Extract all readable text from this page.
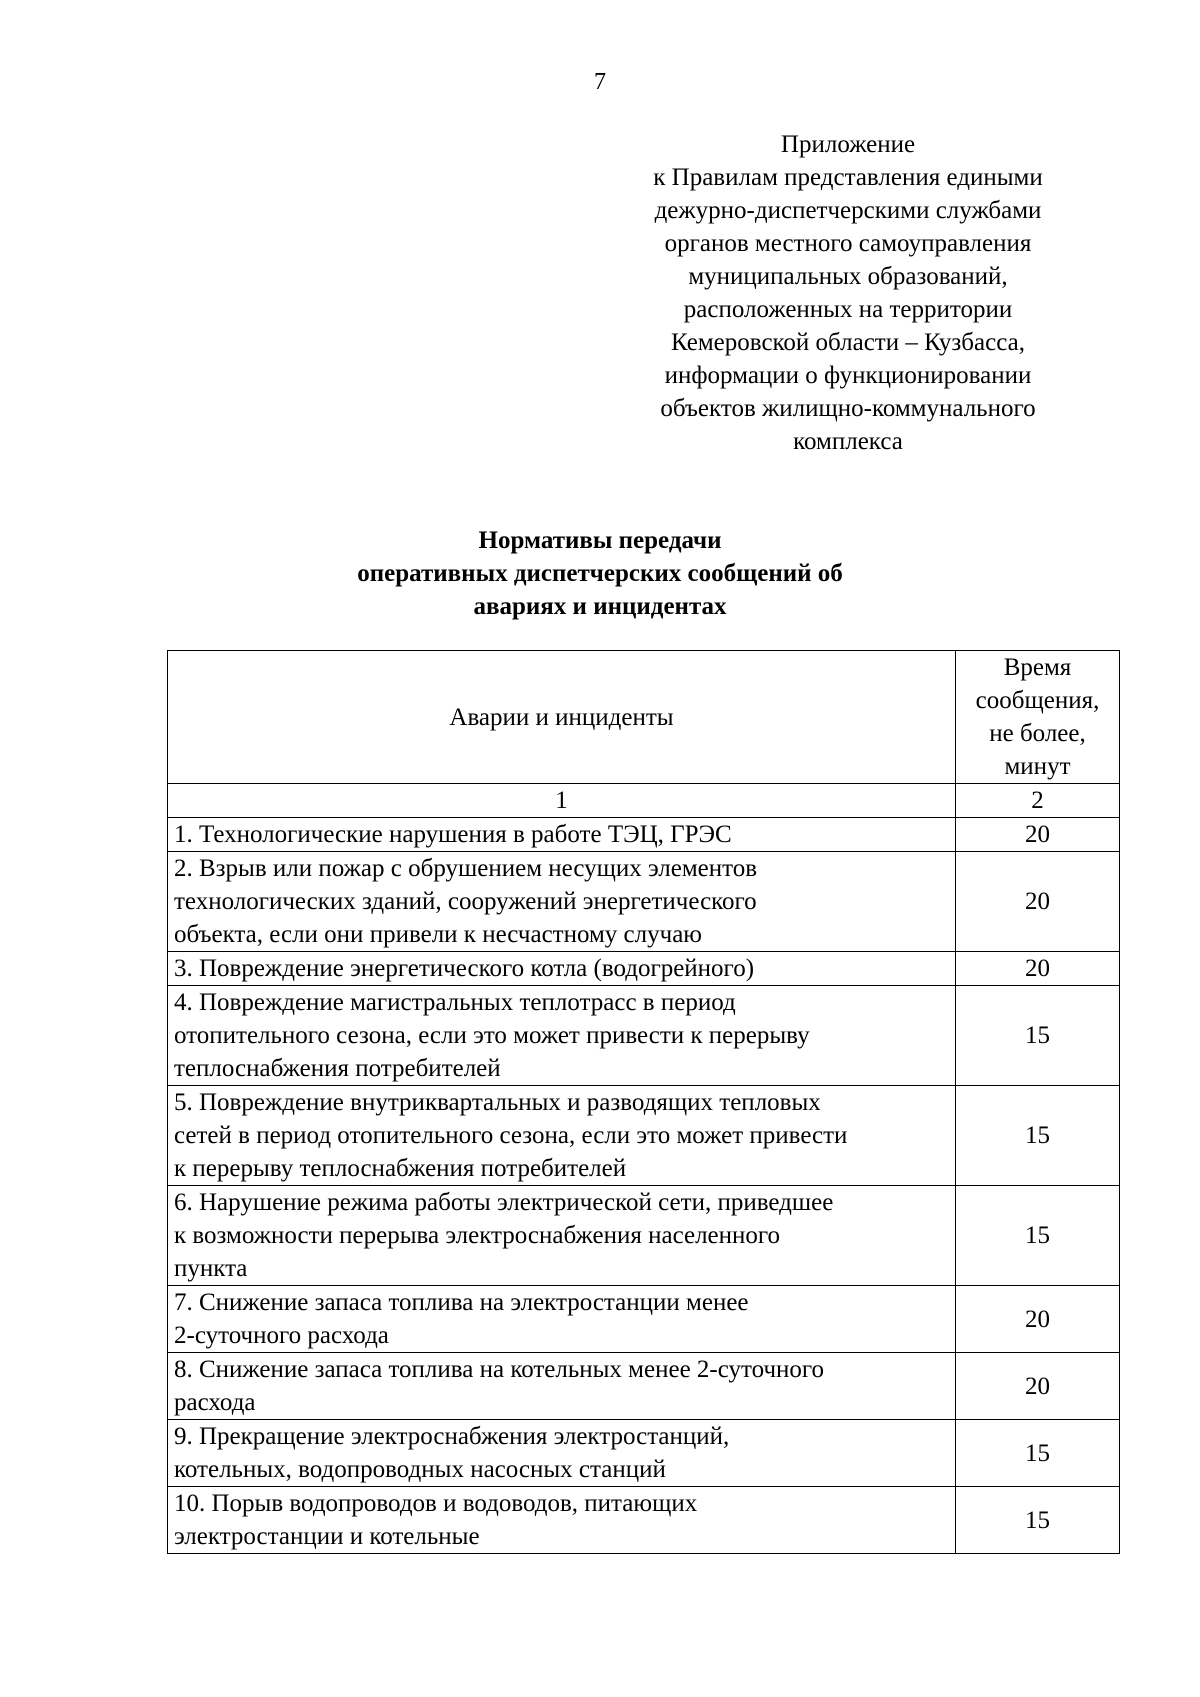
7
Приложение
к Правилам представления едиными
дежурно-диспетчерскими службами
органов местного самоуправления
муниципальных образований,
расположенных на территории
Кемеровской области – Кузбасса,
информации о функционировании
объектов жилищно-коммунального
комплекса
Нормативы передачи
оперативных диспетчерских сообщений об
авариях и инцидентах
Аварии и инциденты	Время
сообщения,
не более,
минут

1	2

1. Технологические нарушения в работе ТЭЦ, ГРЭС	20

2. Взрыв или пожар с обрушением несущих элементов
технологических зданий, сооружений энергетического
объекта, если они привели к несчастному случаю	20

3. Повреждение энергетического котла (водогрейного)	20

4. Повреждение магистральных теплотрасс в период
отопительного сезона, если это может привести к перерыву
теплоснабжения потребителей	15

5. Повреждение внутриквартальных и разводящих тепловых
сетей в период отопительного сезона, если это может привести
к перерыву теплоснабжения потребителей	15

6. Нарушение режима работы электрической сети, приведшее
к возможности перерыва электроснабжения населенного
пункта	15

7. Снижение запаса топлива на электростанции менее
2-суточного расхода	20

8. Снижение запаса топлива на котельных менее 2-суточного
расхода	20

9. Прекращение электроснабжения электростанций,
котельных, водопроводных насосных станций	15

10. Порыв водопроводов и водоводов, питающих
электростанции и котельные	15
